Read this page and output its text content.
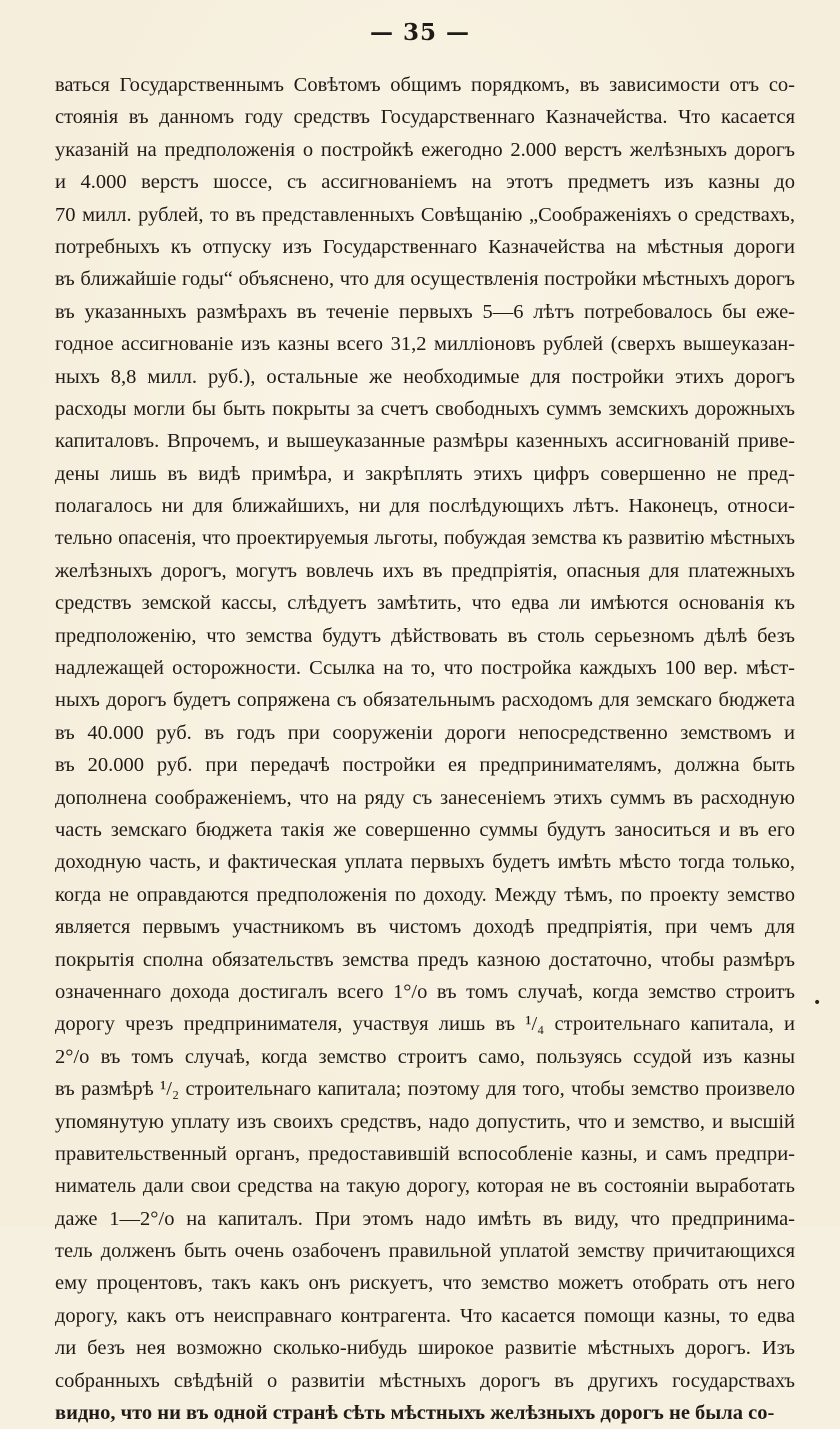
— 35 —
ваться Государственнымъ Совѣтомъ общимъ порядкомъ, въ зависимости отъ со-
стоянія въ данномъ году средствъ Государственнаго Казначейства. Что касается
указаній на предположенія о постройкѣ ежегодно 2.000 верстъ желѣзныхъ дорогъ
и 4.000 верстъ шоссе, съ ассигнованіемъ на этотъ предметъ изъ казны до
70 милл. рублей, то въ представленныхъ Совѣщанію „Соображеніяхъ о средствахъ,
потребныхъ къ отпуску изъ Государственнаго Казначейства на мѣстныя дороги
въ ближайшіе годы“ объяснено, что для осуществленія постройки мѣстныхъ дорогъ
въ указанныхъ размѣрахъ въ теченіе первыхъ 5—6 лѣтъ потребовалось бы еже-
годное ассигнованіе изъ казны всего 31,2 милліоновъ рублей (сверхъ вышеуказан-
ныхъ 8,8 милл. руб.), остальные же необходимые для постройки этихъ дорогъ
расходы могли бы быть покрыты за счетъ свободныхъ суммъ земскихъ дорожныхъ
капиталовъ. Впрочемъ, и вышеуказанные размѣры казенныхъ ассигнованій приве-
дены лишь въ видѣ примѣра, и закрѣплять этихъ цифръ совершенно не пред-
полагалось ни для ближайшихъ, ни для послѣдующихъ лѣтъ. Наконецъ, относи-
тельно опасенія, что проектируемыя льготы, побуждая земства къ развитію мѣстныхъ
желѣзныхъ дорогъ, могутъ вовлечь ихъ въ предпріятія, опасныя для платежныхъ
средствъ земской кассы, слѣдуетъ замѣтить, что едва ли имѣются основанія къ
предположенію, что земства будутъ дѣйствовать въ столь серьезномъ дѣлѣ безъ
надлежащей осторожности. Ссылка на то, что постройка каждыхъ 100 вер. мѣст-
ныхъ дорогъ будетъ сопряжена съ обязательнымъ расходомъ для земскаго бюджета
въ 40.000 руб. въ годъ при сооруженіи дороги непосредственно земствомъ и
въ 20.000 руб. при передачѣ постройки ея предпринимателямъ, должна быть
дополнена соображеніемъ, что на ряду съ занесеніемъ этихъ суммъ въ расходную
часть земскаго бюджета такія же совершенно суммы будутъ заноситься и въ его
доходную часть, и фактическая уплата первыхъ будетъ имѣть мѣсто тогда только,
когда не оправдаются предположенія по доходу. Между тѣмъ, по проекту земство
является первымъ участникомъ въ чистомъ доходѣ предпріятія, при чемъ для
покрытія сполна обязательствъ земства предъ казною достаточно, чтобы размѣръ
означеннаго дохода достигалъ всего 1°/о въ томъ случаѣ, когда земство строитъ
дорогу чрезъ предпринимателя, участвуя лишь въ ¹/₄ строительнаго капитала, и
2°/о въ томъ случаѣ, когда земство строитъ само, пользуясь ссудой изъ казны
въ размѣрѣ ¹/₂ строительнаго капитала; поэтому для того, чтобы земство произвело
упомянутую уплату изъ своихъ средствъ, надо допустить, что и земство, и высшій
правительственный органъ, предоставившій вспособленіе казны, и самъ предпри-
ниматель дали свои средства на такую дорогу, которая не въ состояніи выработать
даже 1—2°/о на капиталъ. При этомъ надо имѣть въ виду, что предпринима-
тель долженъ быть очень озабоченъ правильной уплатой земству причитающихся
ему процентовъ, такъ какъ онъ рискуетъ, что земство можетъ отобрать отъ него
дорогу, какъ отъ неисправнаго контрагента. Что касается помощи казны, то едва
ли безъ нея возможно сколько-нибудь широкое развитіе мѣстныхъ дорогъ. Изъ
собранныхъ свѣдѣній о развитіи мѣстныхъ дорогъ въ другихъ государствахъ
видно, что ни въ одной странѣ сѣть мѣстныхъ желѣзныхъ дорогъ не была со-
•
